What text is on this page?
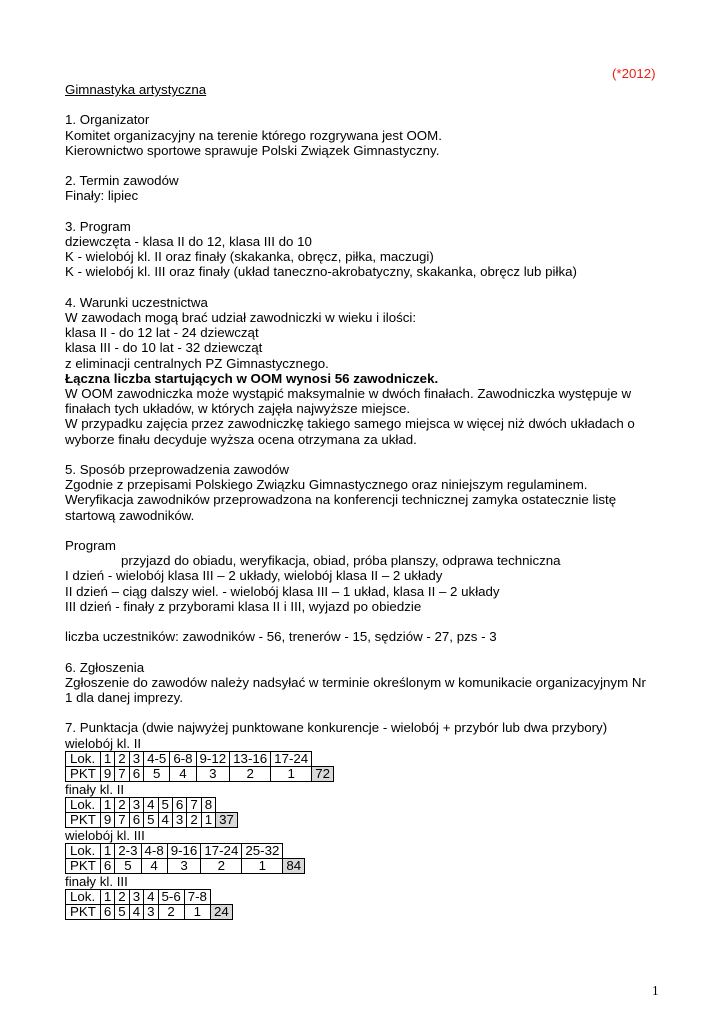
(*2012)
Gimnastyka artystyczna
1. Organizator
Komitet organizacyjny na terenie którego rozgrywana jest OOM.
Kierownictwo sportowe sprawuje Polski Związek Gimnastyczny.
2. Termin zawodów
Finały: lipiec
3. Program
dziewczęta - klasa II do 12, klasa III do 10
K - wielobój kl. II oraz finały (skakanka, obręcz, piłka, maczugi)
K - wielobój kl. III oraz finały (układ taneczno-akrobatyczny, skakanka, obręcz lub piłka)
4. Warunki uczestnictwa
W zawodach mogą brać udział zawodniczki w wieku i ilości:
klasa II - do 12 lat - 24 dziewcząt
klasa III - do 10 lat - 32 dziewcząt
z eliminacji centralnych PZ Gimnastycznego.
Łączna liczba startujących w OOM wynosi 56 zawodniczek.
W OOM zawodniczka może wystąpić maksymalnie w dwóch finałach. Zawodniczka występuje w
finałach tych układów, w których zajęła najwyższe miejsce.
W przypadku zajęcia przez zawodniczkę takiego samego miejsca w więcej niż dwóch układach o
wyborze finału decyduje wyższa ocena otrzymana za układ.
5. Sposób przeprowadzenia zawodów
Zgodnie z przepisami Polskiego Związku Gimnastycznego oraz niniejszym regulaminem.
Weryfikacja zawodników przeprowadzona na konferencji technicznej zamyka ostatecznie listę
startową zawodników.
Program
przyjazd do obiadu, weryfikacja, obiad, próba planszy, odprawa techniczna
I dzień - wielobój klasa III – 2 układy, wielobój klasa II – 2 układy
II dzień – ciąg dalszy wiel. - wielobój klasa III – 1 układ, klasa II – 2 układy
III dzień - finały z przyborami klasa II i III, wyjazd po obiedzie
liczba uczestników: zawodników - 56, trenerów - 15, sędziów - 27, pzs - 3
6. Zgłoszenia
Zgłoszenie do zawodów należy nadsyłać w terminie określonym w komunikacie organizacyjnym Nr
1 dla danej imprezy.
7. Punktacja (dwie najwyżej punktowane konkurencje - wielobój + przybór lub dwa przybory)
wielobój kl. II
Lok.	1	2	3	4-5	6-8	9-12	13-16	17-24	
PKT	9	7	6	5	4	3	2	1	72
finały kl. II
Lok.	1	2	3	4	5	6	7	8	
PKT	9	7	6	5	4	3	2	1	37
wielobój kl. III
Lok.	1	2-3	4-8	9-16	17-24	25-32	
PKT	6	5	4	3	2	1	84
finały kl. III
Lok.	1	2	3	4	5-6	7-8	
PKT	6	5	4	3	2	1	24
1
